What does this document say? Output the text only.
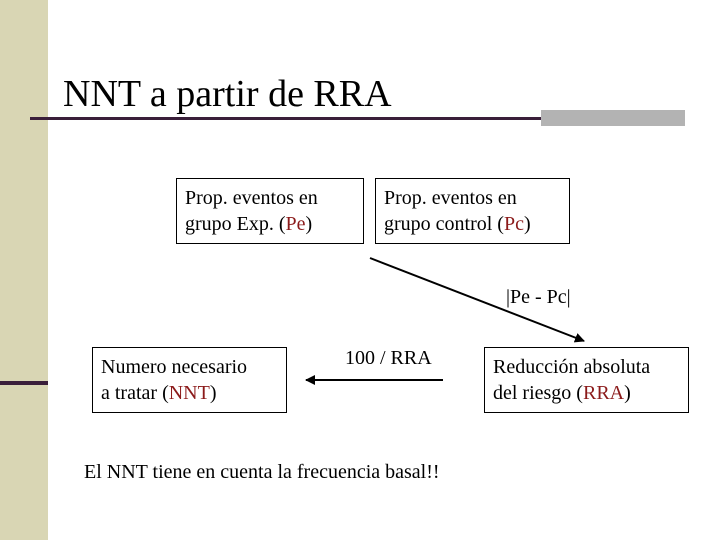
NNT a partir de RRA
Prop. eventos en
grupo Exp. (Pe)
Prop. eventos en
grupo control (Pc)
|Pe - Pc|
Reducción absoluta
del riesgo (RRA)
100 / RRA
Numero necesario
a tratar (NNT)
El NNT tiene en cuenta la frecuencia basal!!
